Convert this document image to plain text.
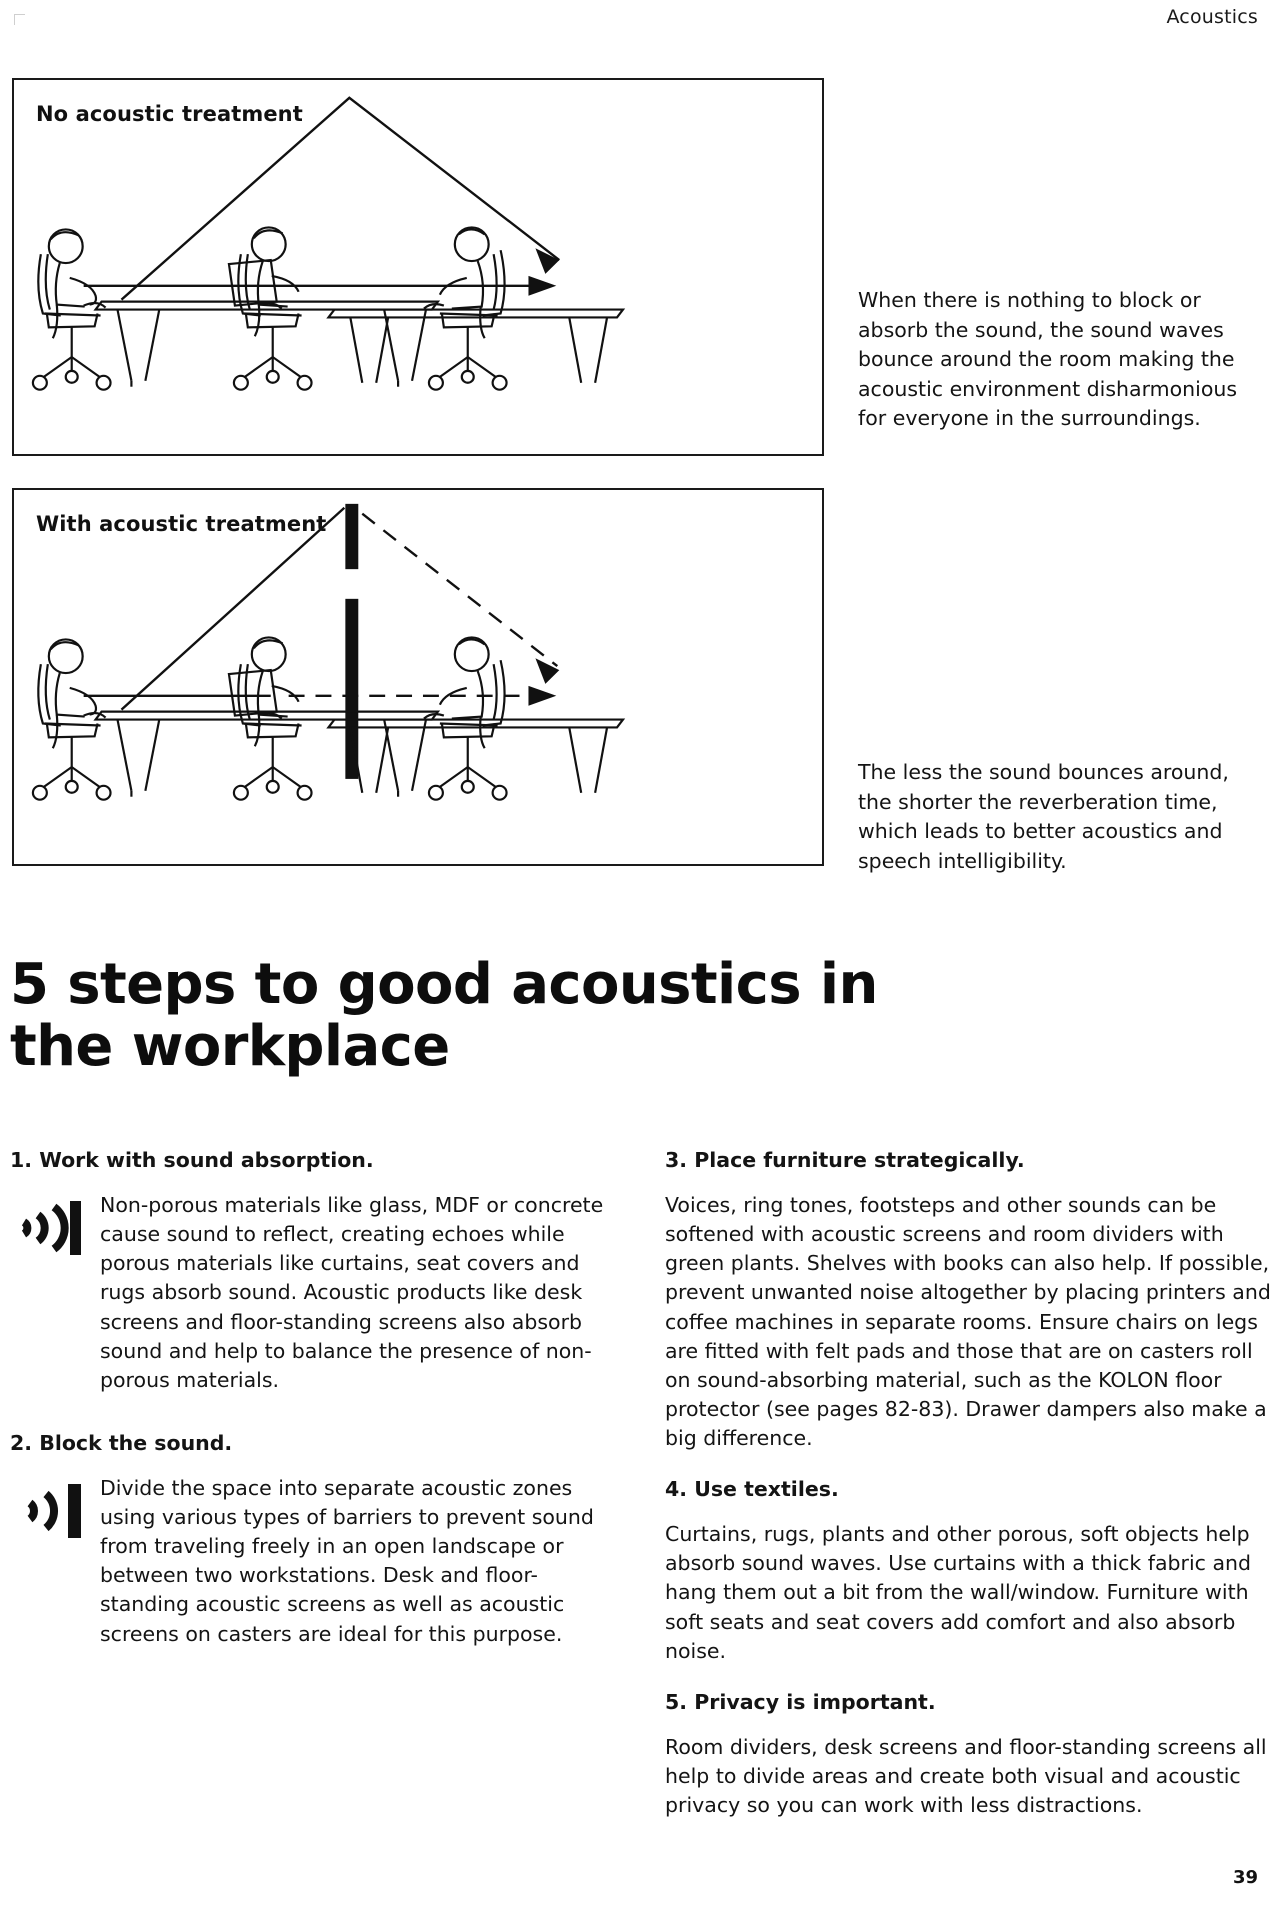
Acoustics
No acoustic treatment
When there is nothing to block or absorb the sound, the sound waves bounce around the room making the acoustic environment disharmonious for everyone in the surroundings.
With acoustic treatment
The less the sound bounces around, the shorter the reverberation time, which leads to better acoustics and speech intelligibility.
5 steps to good acoustics in the workplace
1. Work with sound absorption.
Non-porous materials like glass, MDF or concrete cause sound to reflect, creating echoes while porous materials like curtains, seat covers and rugs absorb sound. Acoustic products like desk screens and floor-standing screens also absorb sound and help to balance the presence of non-porous materials.
2. Block the sound.
Divide the space into separate acoustic zones using various types of barriers to prevent sound from traveling freely in an open landscape or between two workstations. Desk and floor-standing acoustic screens as well as acoustic screens on casters are ideal for this purpose.
3. Place furniture strategically.

Voices, ring tones, footsteps and other sounds can be softened with acoustic screens and room dividers with green plants. Shelves with books can also help. If possible, prevent unwanted noise altogether by placing printers and coffee machines in separate rooms. Ensure chairs on legs are fitted with felt pads and those that are on casters roll on sound-absorbing material, such as the KOLON floor protector (see pages 82-83). Drawer dampers also make a big difference.

4. Use textiles.

Curtains, rugs, plants and other porous, soft objects help absorb sound waves. Use curtains with a thick fabric and hang them out a bit from the wall/window. Furniture with soft seats and seat covers add comfort and also absorb noise.

5. Privacy is important.

Room dividers, desk screens and floor-standing screens all help to divide areas and create both visual and acoustic privacy so you can work with less distractions.

39
